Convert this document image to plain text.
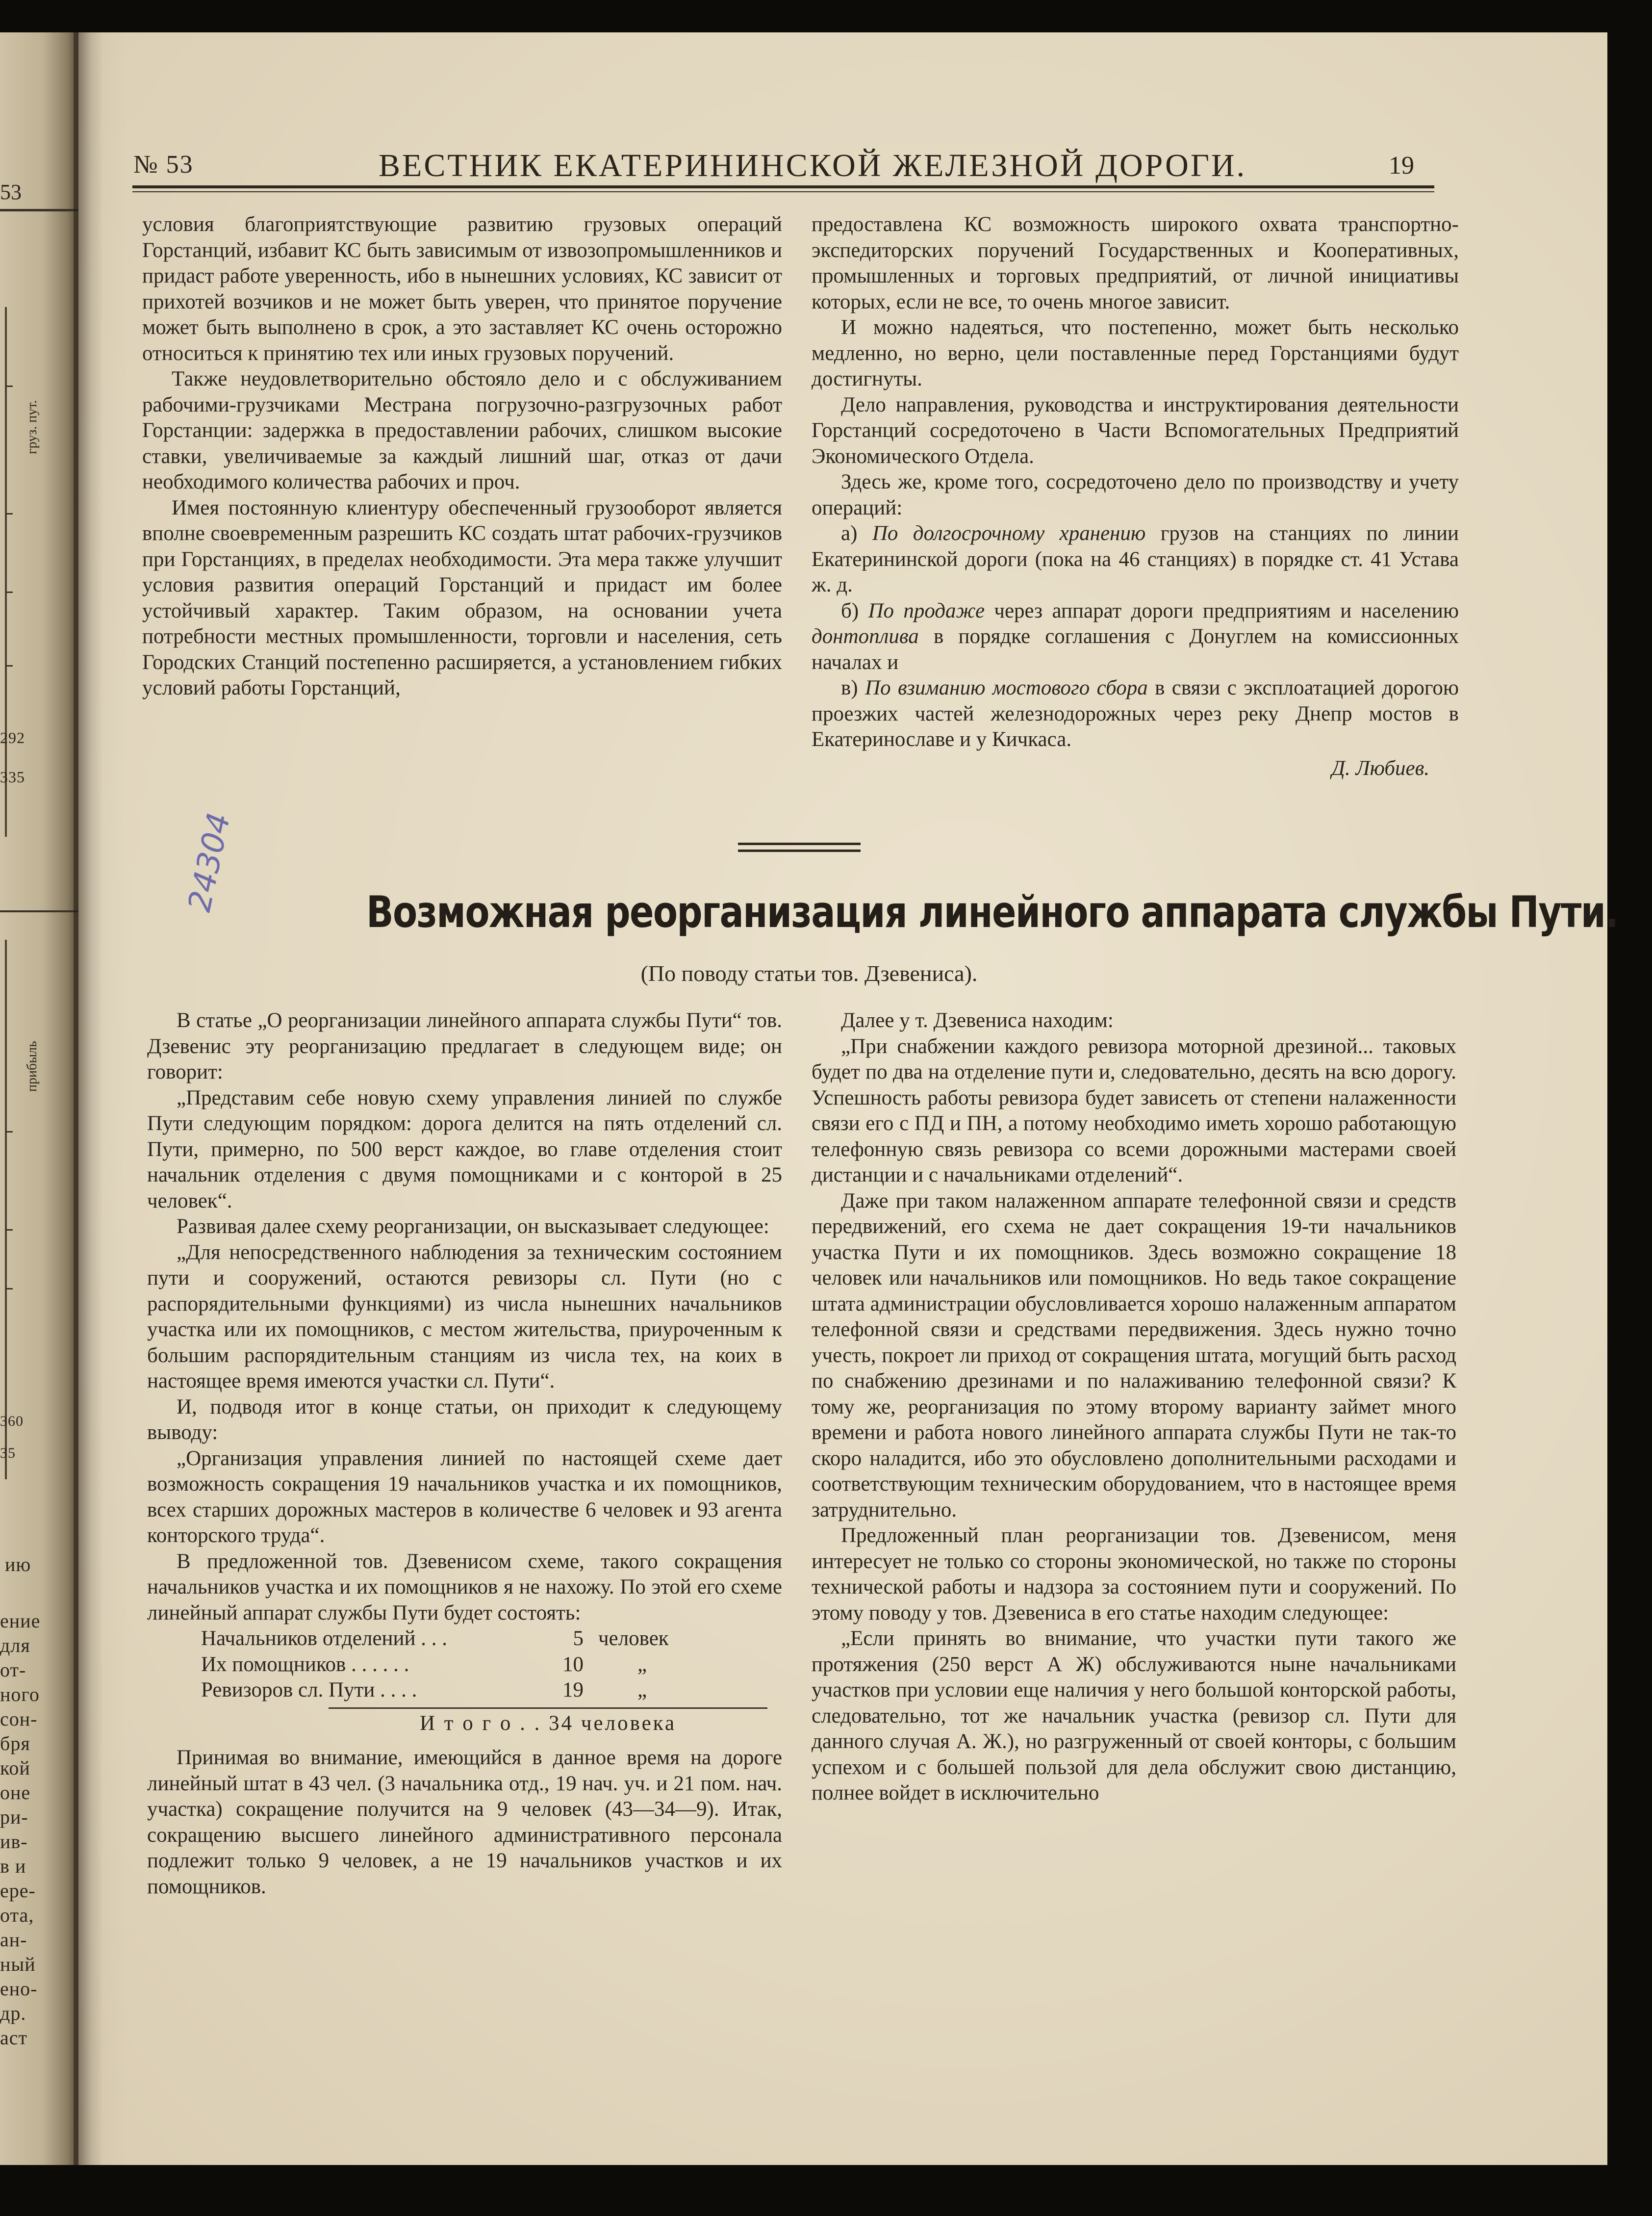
53
груз. пут.
292
335
прибыль
360
35
ию
ение
для
от-
ного
сон-
бря
кой
оне
ри-
ив-
в и
ере-
ота,
ан-
ный
ено-
др.
аст
№ 53	ВЕСТНИК ЕКАТЕРИНИНСКОЙ ЖЕЛЕЗНОЙ ДОРОГИ.	19

условия благоприятствующие развитию грузовых операций Горстанций, избавит КС быть зависимым от извозопромышленников и придаст работе уверенность, ибо в нынешних условиях, КС зависит от прихотей возчиков и не может быть уверен, что принятое поручение может быть выполнено в срок, а это заставляет КС очень осторожно относиться к принятию тех или иных грузовых поручений.

Также неудовлетворительно обстояло дело и с обслуживанием рабочими-грузчиками Местрана погрузочно-разгрузочных работ Горстанции: задержка в предоставлении рабочих, слишком высокие ставки, увеличиваемые за каждый лишний шаг, отказ от дачи необходимого количества рабочих и проч.

Имея постоянную клиентуру обеспеченный грузооборот является вполне своевременным разрешить КС создать штат рабочих-грузчиков при Горстанциях, в пределах необходимости. Эта мера также улучшит условия развития операций Горстанций и придаст им более устойчивый характер. Таким образом, на основании учета потребности местных промышленности, торговли и населения, сеть Городских Станций постепенно расширяется, а установлением гибких условий работы Горстанций,

предоставлена КС возможность широкого охвата транспортно-экспедиторских поручений Государственных и Кооперативных, промышленных и торговых предприятий, от личной инициативы которых, если не все, то очень многое зависит.

И можно надеяться, что постепенно, может быть несколько медленно, но верно, цели поставленные перед Горстанциями будут достигнуты.

Дело направления, руководства и инструктирования деятельности Горстанций сосредоточено в Части Вспомогательных Предприятий Экономического Отдела.

Здесь же, кроме того, сосредоточено дело по производству и учету операций:

а) По долгосрочному хранению грузов на станциях по линии Екатерининской дороги (пока на 46 станциях) в порядке ст. 41 Устава ж. д.

б) По продаже через аппарат дороги предприятиям и населению донтоплива в порядке соглашения с Донуглем на комиссионных началах и

в) По взиманию мостового сбора в связи с эксплоатацией дорогою проезжих частей железнодорожных через реку Днепр мостов в Екатеринославе и у Кичкаса.

Д. Любиев.

Возможная реорганизация линейного аппарата службы Пути.
(По поводу статьи тов. Дзевениса).
24304

В статье „О реорганизации линейного аппарата службы Пути“ тов. Дзевенис эту реорганизацию предлагает в следующем виде; он говорит:

„Представим себе новую схему управления линией по службе Пути следующим порядком: дорога делится на пять отделений сл. Пути, примерно, по 500 верст каждое, во главе отделения стоит начальник отделения с двумя помощниками и с конторой в 25 человек“.

Развивая далее схему реорганизации, он высказывает следующее:

„Для непосредственного наблюдения за техническим состоянием пути и сооружений, остаются ревизоры сл. Пути (но с распорядительными функциями) из числа нынешних начальников участка или их помощников, с местом жительства, приуроченным к большим распорядительным станциям из числа тех, на коих в настоящее время имеются участки сл. Пути“.

И, подводя итог в конце статьи, он приходит к следующему выводу:

„Организация управления линией по настоящей схеме дает возможность сокращения 19 начальников участка и их помощников, всех старших дорожных мастеров в количестве 6 человек и 93 агента конторского труда“.

В предложенной тов. Дзевенисом схеме, такого сокращения начальников участка и их помощников я не нахожу. По этой его схеме линейный аппарат службы Пути будет состоять:

Начальников отделений . . .	5 человек
Их помощников . . . . . .	10	„
Ревизоров сл. Пути . . . .	19	„

И т о г о . . 34 человека

Принимая во внимание, имеющийся в данное время на дороге линейный штат в 43 чел. (3 начальника отд., 19 нач. уч. и 21 пом. нач. участка) сокращение получится на 9 человек (43—34—9). Итак, сокращению высшего линейного административного персонала подлежит только 9 человек, а не 19 начальников участков и их помощников.

Далее у т. Дзевениса находим:

„При снабжении каждого ревизора моторной дрезиной... таковых будет по два на отделение пути и, следовательно, десять на всю дорогу. Успешность работы ревизора будет зависеть от степени налаженности связи его с ПД и ПН, а потому необходимо иметь хорошо работающую телефонную связь ревизора со всеми дорожными мастерами своей дистанции и с начальниками отделений“.

Даже при таком налаженном аппарате телефонной связи и средств передвижений, его схема не дает сокращения 19-ти начальников участка Пути и их помощников. Здесь возможно сокращение 18 человек или начальников или помощников. Но ведь такое сокращение штата администрации обусловливается хорошо налаженным аппаратом телефонной связи и средствами передвижения. Здесь нужно точно учесть, покроет ли приход от сокращения штата, могущий быть расход по снабжению дрезинами и по налаживанию телефонной связи? К тому же, реорганизация по этому второму варианту займет много времени и работа нового линейного аппарата службы Пути не так-то скоро наладится, ибо это обусловлено дополнительными расходами и соответствующим техническим оборудованием, что в настоящее время затруднительно.

Предложенный план реорганизации тов. Дзевенисом, меня интересует не только со стороны экономической, но также по стороны технической работы и надзора за состоянием пути и сооружений. По этому поводу у тов. Дзевениса в его статье находим следующее:

„Если принять во внимание, что участки пути такого же протяжения (250 верст А Ж) обслуживаются ныне начальниками участков при условии еще наличия у него большой конторской работы, следовательно, тот же начальник участка (ревизор сл. Пути для данного случая А. Ж.), но разгруженный от своей конторы, с большим успехом и с большей пользой для дела обслужит свою дистанцию, полнее войдет в исключительно
